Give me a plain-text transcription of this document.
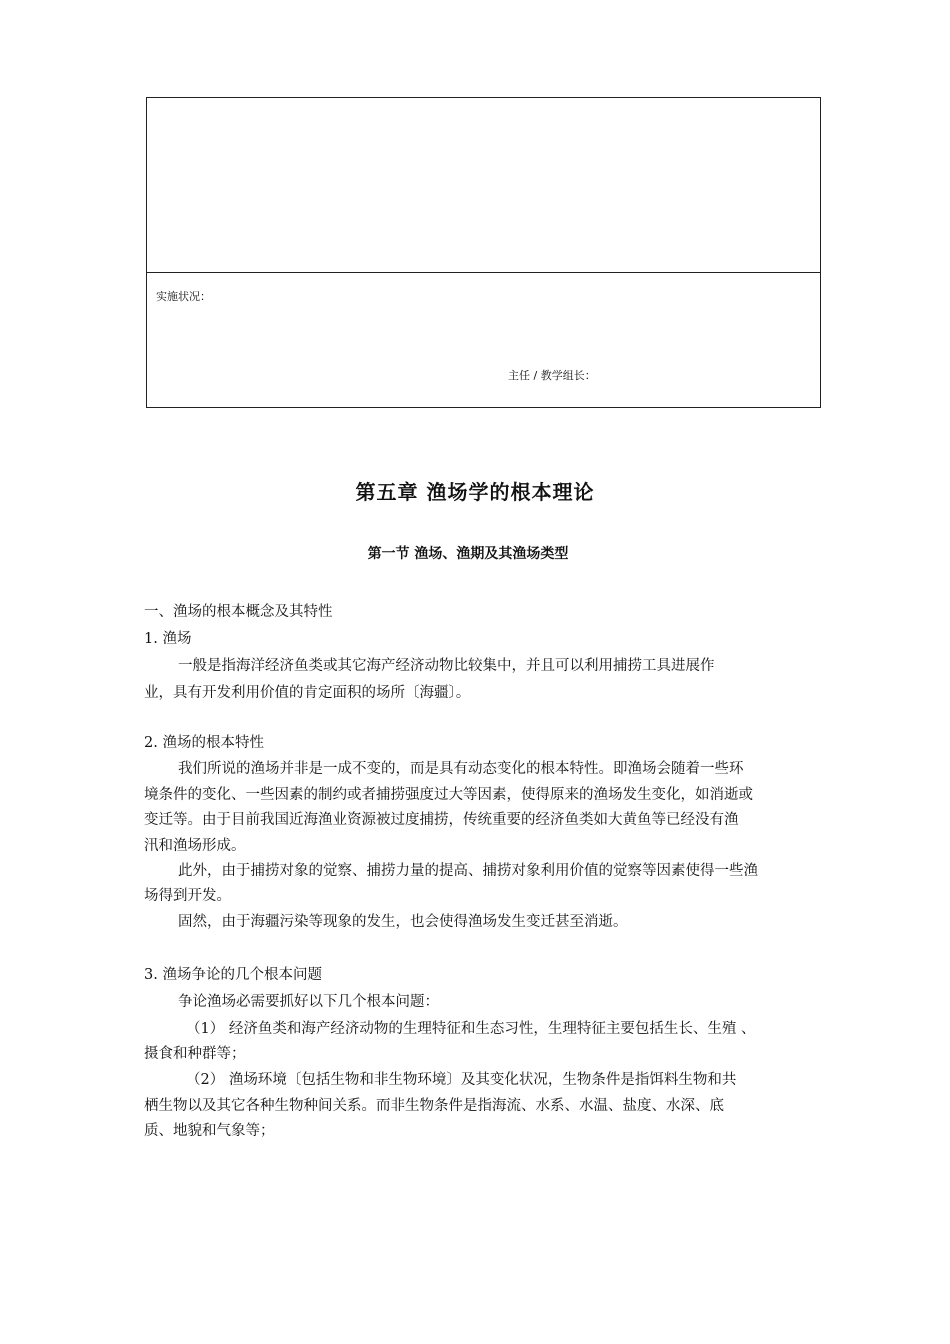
实施状况：
主任 / 教学组长：
第五章 渔场学的根本理论
第一节 渔场、渔期及其渔场类型
一、渔场的根本概念及其特性
1. 渔场
一般是指海洋经济鱼类或其它海产经济动物比较集中，并且可以利用捕捞工具进展作
业，具有开发利用价值的肯定面积的场所〔海疆〕。
2. 渔场的根本特性
我们所说的渔场并非是一成不变的，而是具有动态变化的根本特性。即渔场会随着一些环
境条件的变化、一些因素的制约或者捕捞强度过大等因素，使得原来的渔场发生变化，如消逝或
变迁等。由于目前我国近海渔业资源被过度捕捞，传统重要的经济鱼类如大黄鱼等已经没有渔
汛和渔场形成。
此外，由于捕捞对象的觉察、捕捞力量的提高、捕捞对象利用价值的觉察等因素使得一些渔
场得到开发。
固然，由于海疆污染等现象的发生，也会使得渔场发生变迁甚至消逝。
3. 渔场争论的几个根本问题
争论渔场必需要抓好以下几个根本问题：
（1） 经济鱼类和海产经济动物的生理特征和生态习性，生理特征主要包括生长、生殖 、
摄食和种群等；
（2） 渔场环境〔包括生物和非生物环境〕及其变化状况，生物条件是指饵料生物和共
栖生物以及其它各种生物种间关系。而非生物条件是指海流、水系、水温、盐度、水深、底
质、地貌和气象等；
